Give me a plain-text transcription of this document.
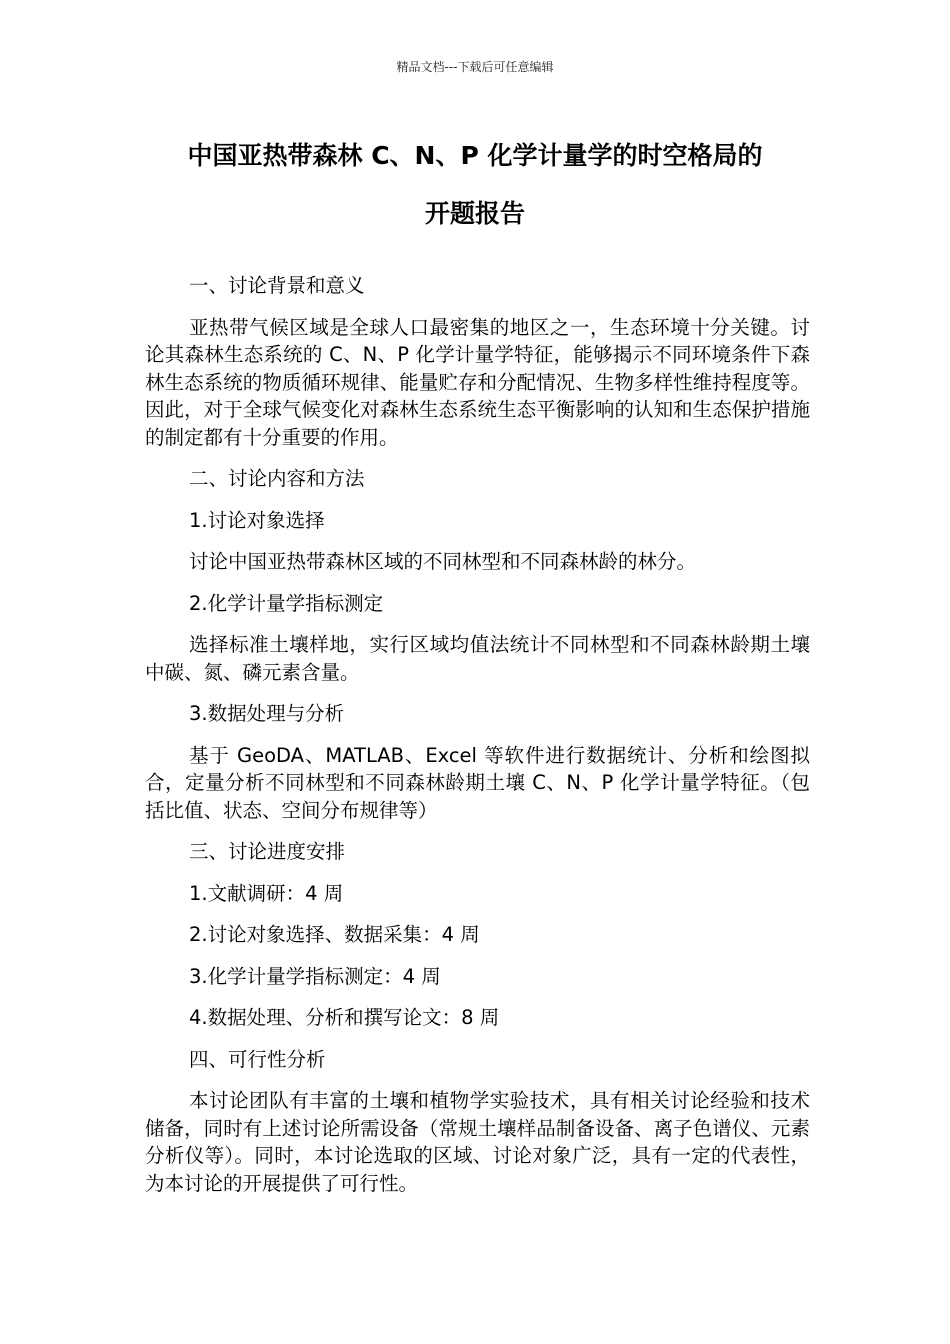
精品文档---下载后可任意编辑
中国亚热带森林 C、N、P 化学计量学的时空格局的
开题报告

一、讨论背景和意义

亚热带气候区域是全球人口最密集的地区之一，生态环境十分关键。讨论其森林生态系统的 C、N、P 化学计量学特征，能够揭示不同环境条件下森林生态系统的物质循环规律、能量贮存和分配情况、生物多样性维持程度等。因此，对于全球气候变化对森林生态系统生态平衡影响的认知和生态保护措施的制定都有十分重要的作用。

二、讨论内容和方法

1.讨论对象选择

讨论中国亚热带森林区域的不同林型和不同森林龄的林分。

2.化学计量学指标测定

选择标准土壤样地，实行区域均值法统计不同林型和不同森林龄期土壤中碳、氮、磷元素含量。

3.数据处理与分析

基于 GeoDA、MATLAB、Excel 等软件进行数据统计、分析和绘图拟合，定量分析不同林型和不同森林龄期土壤 C、N、P 化学计量学特征。（包括比值、状态、空间分布规律等）

三、讨论进度安排

1.文献调研：4 周

2.讨论对象选择、数据采集：4 周

3.化学计量学指标测定：4 周

4.数据处理、分析和撰写论文：8 周

四、可行性分析

本讨论团队有丰富的土壤和植物学实验技术，具有相关讨论经验和技术储备，同时有上述讨论所需设备（常规土壤样品制备设备、离子色谱仪、元素分析仪等）。同时，本讨论选取的区域、讨论对象广泛，具有一定的代表性，为本讨论的开展提供了可行性。
